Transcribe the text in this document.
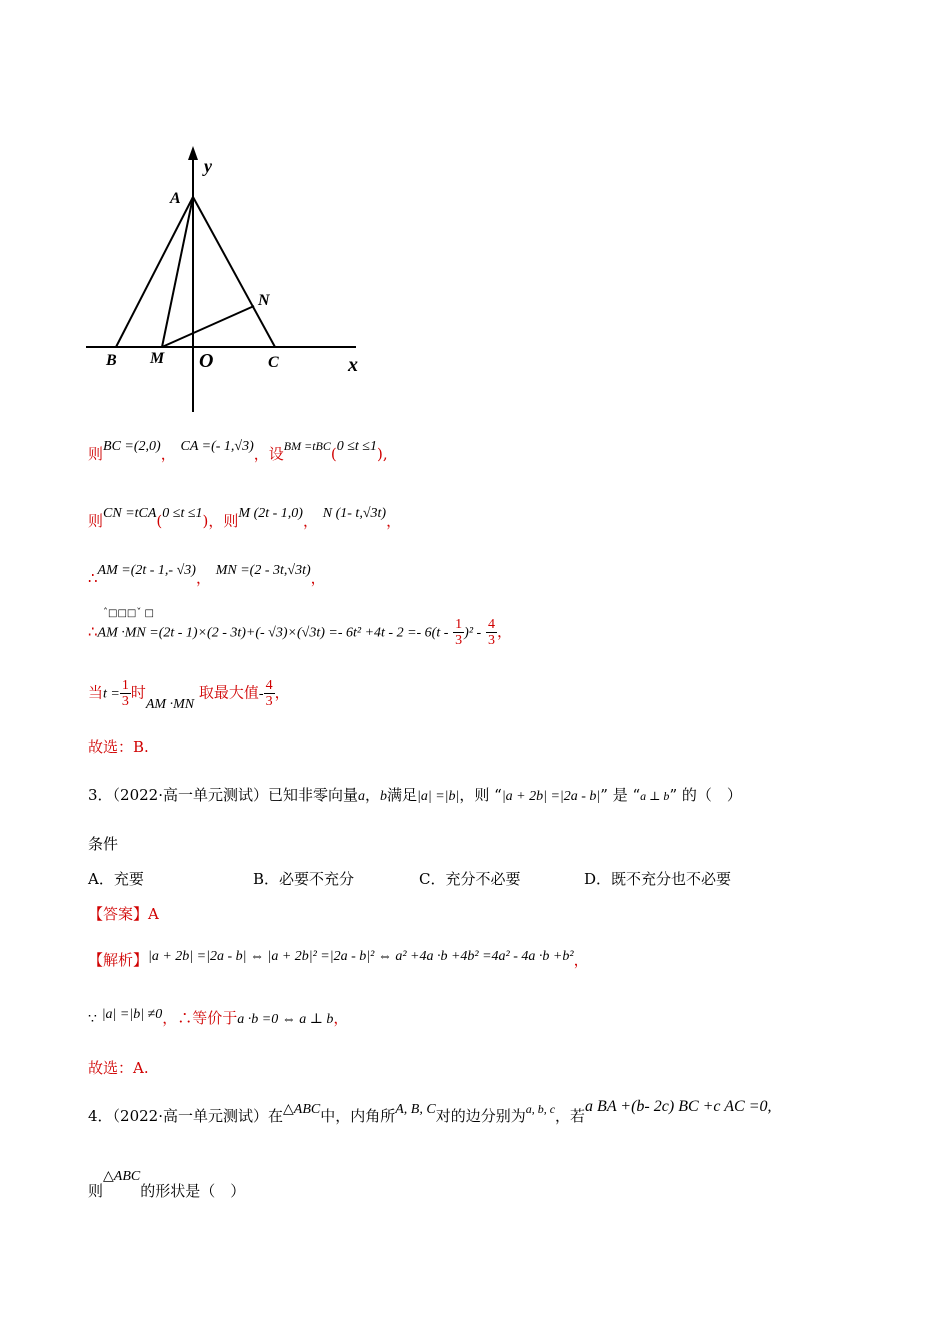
y
A
N
B M O	C	x
则BC =(2,0)， CA =(- 1,√3)，设$^{BM =tBC}$(0 ≤t ≤1),
则CN =tCA(0 ≤t ≤1)，则M (2t - 1,0)， N (1- t,√3t)，
∴AM =(2t - 1,- √3)， MN =(2 - 3t,√3t)，
ˆ□□□ˇ □
∴AM ·MN =(2t - 1)×(2 - 3t)+(- $√3)\times(√3t) =- 6t^2 +4t - 2 =- 6(t - \frac{1}{3} )^2 - \frac{4}{3}$ ，
当$t = \frac{1}{3}$ 时AM ·MN 取最大值- $\frac{4}{3}$ ，
故选：B.
3．（2022·高一单元测试）已知非零向量a，b满足|a| =|b|，则 “|a + 2b| =|2a - b|” 是 “a ⊥ b” 的（　）
条件
A．充要	B．必要不充分	C．充分不必要	D．既不充分也不必要
【答案】A
【解析】|a + 2b| =|2a - b| ⇔ |a + 2b|² =|2a - b|² ⇔ a² +4a ·b +4b² =4a² - 4a ·b +b²，
∵ |a| =|b| ≠0，∴等价于a ·b =0 ⇔ a ⊥ b，
故选：A.
4．（2022·高一单元测试）在△ABC中，内角所A, B, C对的边分别为$^{a, b, c}$，若a BA +(b- 2c) BC +c AC =0,
则△ABC的形状是（　）
